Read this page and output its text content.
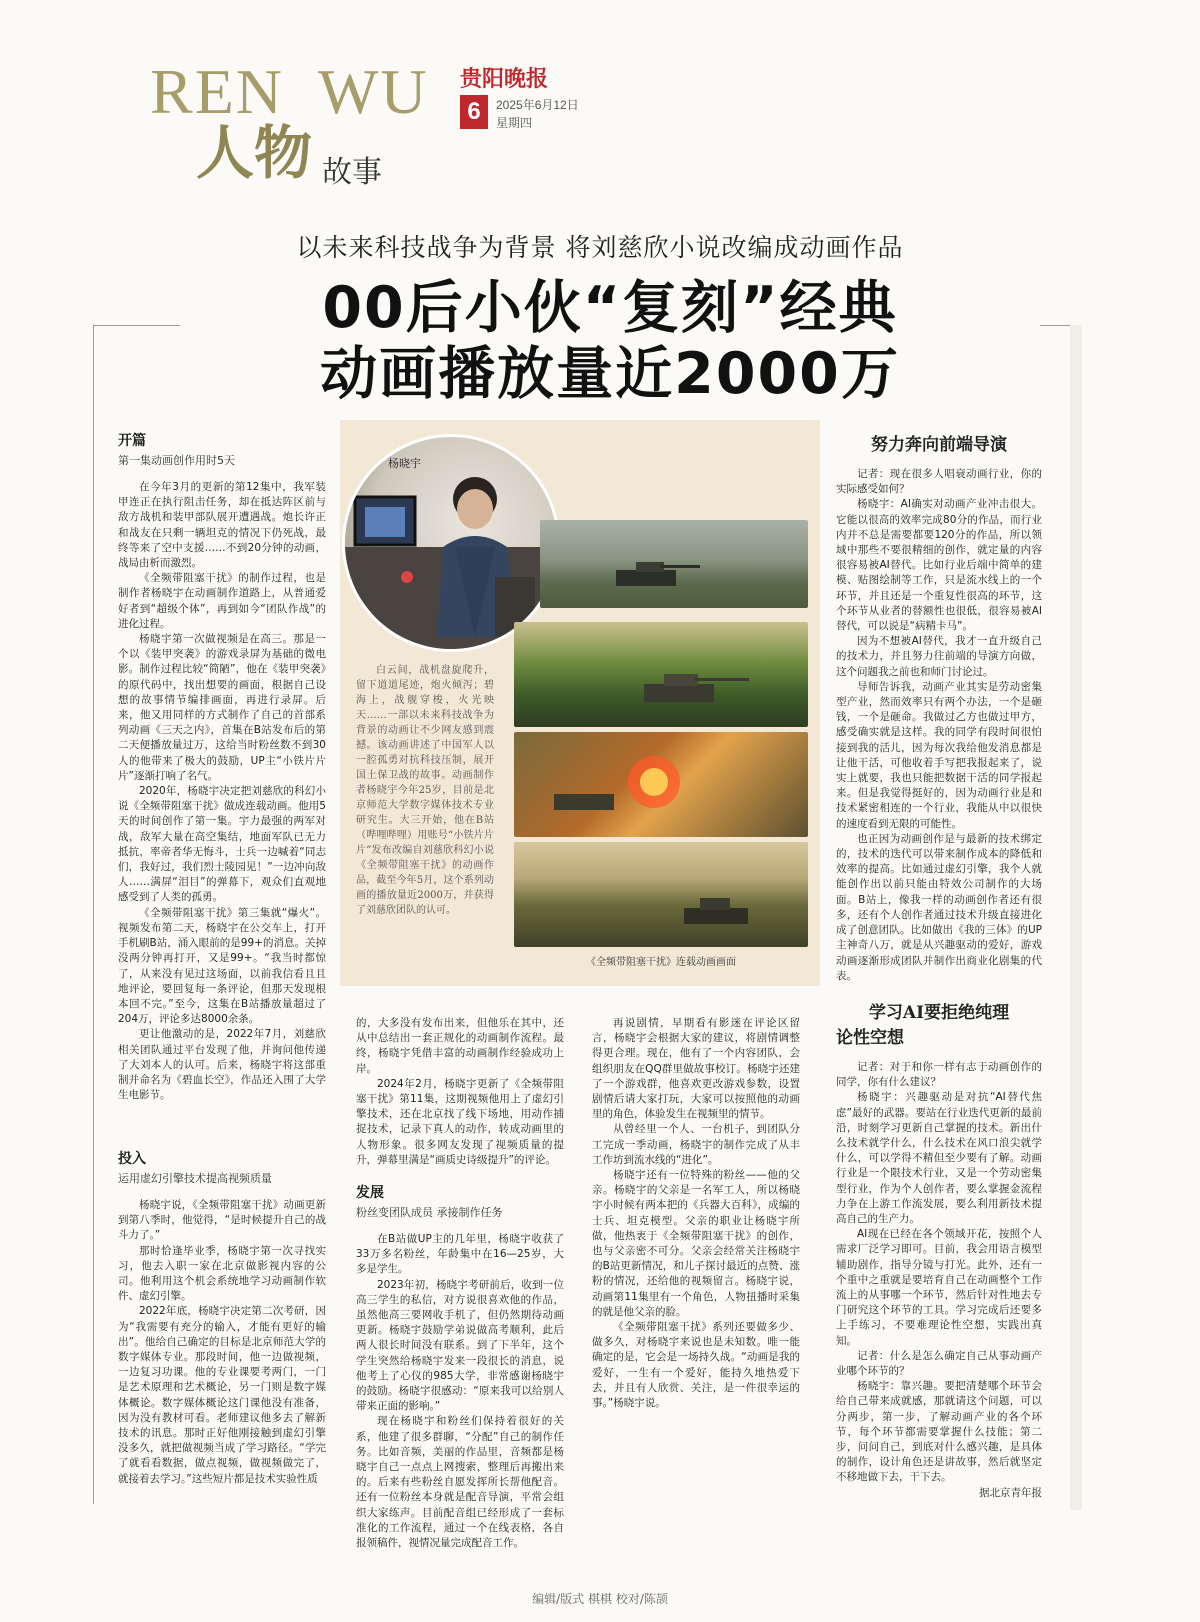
REN WU
人物 故事
贵阳晚报
6	2025年6月12日
星期四
以未来科技战争为背景 将刘慈欣小说改编成动画作品
00后小伙“复刻”经典
动画播放量近2000万
开篇
第一集动画创作用时5天

在今年3月的更新的第12集中，我军装甲连正在执行阻击任务，却在抵达阵区前与敌方战机和装甲部队展开遭遇战。炮长许正和战友在只剩一辆坦克的情况下仍死战，最终等来了空中支援……不到20分钟的动画，战局由析而激烈。

《全频带阻塞干扰》的制作过程，也是制作者杨晓宇在动画制作道路上，从普通爱好者到“超级个体”，再到如今“团队作战”的进化过程。

杨晓宇第一次做视频是在高三。那是一个以《装甲突袭》的游戏录屏为基础的微电影。制作过程比较“简陋”，他在《装甲突袭》的原代码中，找出想要的画面，根据自己设想的故事情节编排画面，再进行录屏。后来，他又用同样的方式制作了自己的首部系列动画《三天之内》，首集在B站发布后的第二天便播放量过万，这给当时粉丝数不到30人的他带来了极大的鼓励，UP主“小铁片片片”逐渐打响了名气。

2020年，杨晓宇决定把刘慈欣的科幻小说《全频带阻塞干扰》做成连载动画。他用5天的时间创作了第一集。宇力最强的两军对战，敌军大量在高空集结，地面军队已无力抵抗，率帝者华无悔斗，士兵一边喊着“同志们，我好过，我们烈士陵园见！”一边冲向敌人……满屏“泪目”的弹幕下，观众们直观地感受到了人类的孤勇。

《全频带阻塞干扰》第三集就“爆火”。视频发布第二天，杨晓宇在公交车上，打开手机刷B站，涌入眼前的是99+的消息。关掉没两分钟再打开，又是99+。“我当时都惊了，从来没有见过这场面，以前我信看且且地评论，要回复每一条评论，但那天发现根本回不完。”至今，这集在B站播放量超过了204万，评论多达8000余条。

更让他激动的是，2022年7月，刘慈欣相关团队通过平台发现了他，并询问他传递了大刘本人的认可。后来，杨晓宇将这部重制并命名为《碧血长空》，作品还入围了大学生电影节。

投入
运用虚幻引擎技术提高视频质量

杨晓宇说，《全频带阻塞干扰》动画更新到第八季时，他觉得，“是时候提升自己的战斗力了。”

那时恰逢毕业季，杨晓宇第一次寻找实习，他去入职一家在北京做影视内容的公司。他利用这个机会系统地学习动画制作软件、虚幻引擎。

2022年底，杨晓宇决定第二次考研，因为“我需要有充分的输入，才能有更好的输出”。他给自己确定的目标是北京师范大学的数字媒体专业。那段时间，他一边做视频，一边复习功课。他的专业课要考两门，一门是艺术原理和艺术概论，另一门则是数字媒体概论。数字媒体概论这门课他没有准备，因为没有教材可看。老师建议他多去了解新技术的讯息。那时正好他刚接触到虚幻引擎没多久，就把做视频当成了学习路径。“学完了就看看数据，做点视频，做视频做完了，就接着去学习。”这些短片都是技术实验性质

杨晓宇

白云间，战机盘旋爬升，留下道道尾迹，炮火倾泻；碧海上，战舰穿梭，火光映天……一部以未来科技战争为背景的动画让不少网友感到震撼。该动画讲述了中国军人以一腔孤勇对抗科技压制，展开国土保卫战的故事。动画制作者杨晓宇今年25岁，目前是北京师范大学数字媒体技术专业研究生。大三开始，他在B站（哔哩哔哩）用账号“小铁片片片”发布改编自刘慈欣科幻小说《全频带阻塞干扰》的动画作品，截至今年5月，这个系列动画的播放量近2000万，并获得了刘慈欣团队的认可。

《全频带阻塞干扰》连载动画画面

的，大多没有发布出来，但他乐在其中，还从中总结出一套正规化的动画制作流程。最终，杨晓宇凭借丰富的动画制作经验成功上岸。

2024年2月，杨晓宇更新了《全频带阻塞干扰》第11集，这期视频他用上了虚幻引擎技术，还在北京找了线下场地，用动作捕捉技术，记录下真人的动作，转成动画里的人物形象。很多网友发现了视频质量的提升，弹幕里满是“画质史诗级提升”的评论。

发展
粉丝变团队成员 承接制作任务

在B站做UP主的几年里，杨晓宇收获了33万多名粉丝，年龄集中在16—25岁，大多是学生。

2023年初，杨晓宇考研前后，收到一位高三学生的私信，对方说很喜欢他的作品，虽然他高三要网收手机了，但仍然期待动画更新。杨晓宇鼓励学弟说做高考顺利，此后两人很长时间没有联系。到了下半年，这个学生突然给杨晓宇发来一段很长的消息，说他考上了心仪的985大学，非常感谢杨晓宇的鼓励。杨晓宇很感动：“原来我可以给别人带来正面的影响。”

现在杨晓宇和粉丝们保持着很好的关系，他建了很多群聊，“分配”自己的制作任务。比如音频，美丽的作品里，音频都是杨晓宇自己一点点上网搜索，整理后再搬出来的。后来有些粉丝自愿发挥所长帮他配音。还有一位粉丝本身就是配音导演，平常会组织大家练声。目前配音组已经形成了一套标准化的工作流程，通过一个在线表格，各自报领稿件，视情况量完成配音工作。

再说剧情，早期看有影迷在评论区留言，杨晓宇会根据大家的建议，将剧情调整得更合理。现在，他有了一个内容团队，会组织朋友在QQ群里做故事校订。杨晓宇还建了一个游戏群，他喜欢更改游戏参数，设置剧情后请大家打玩，大家可以按照他的动画里的角色，体验发生在视频里的情节。

从曾经里一个人、一台机子，到团队分工完成一季动画，杨晓宇的制作完成了从丰工作坊到流水线的“进化”。

杨晓宇还有一位特殊的粉丝——他的父亲。杨晓宇的父亲是一名军工人，所以杨晓宇小时候有两本把的《兵器大百科》，成编的士兵、坦克模型。父亲的职业让杨晓宇所做，他热衷于《全频带阻塞干扰》的创作，也与父亲密不可分。父亲会经常关注杨晓宇的B站更新情况，和儿子探讨最近的点赞、涨粉的情况，还给他的视频留言。杨晓宇说，动画第11集里有一个角色，人物扭播时采集的就是他父亲的脸。

《全频带阻塞干扰》系列还要做多少、做多久，对杨晓宇来说也是未知数。唯一能确定的是，它会是一场持久战。“动画是我的爱好，一生有一个爱好，能持久地热爱下去，并且有人欣赏、关注，是一件很幸运的事。”杨晓宇说。

努力奔向前端导演

记者：现在很多人唱衰动画行业，你的实际感受如何？

杨晓宇：AI确实对动画产业冲击很大。它能以很高的效率完成80分的作品，而行业内并不总是需要都要120分的作品，所以领域中那些不要很精细的创作，就定量的内容很容易被AI替代。比如行业后端中简单的建模、贴图绘制等工作，只是流水线上的一个环节，并且还是一个重复性很高的环节，这个环节从业者的替额性也很低，很容易被AI替代，可以说是“病精卡马”。

因为不想被AI替代，我才一直升级自己的技术力，并且努力往前端的导演方向做，这个问题我之前也和师门讨论过。

导师告诉我，动画产业其实是劳动密集型产业，然而效率只有两个办法，一个是砸钱，一个是砸命。我做过乙方也做过甲方，感受确实就是这样。我的同学有段时间很怕接到我的活儿，因为每次我给他发消息都是让他干活，可他收着手写把我报起来了，说实上就要，我也只能把数据干活的同学报起来。但是我觉得挺好的，因为动画行业是和技术紧密相连的一个行业，我能从中以很快的速度看到无限的可能性。

也正因为动画创作是与最新的技术绑定的，技术的迭代可以带来制作成本的降低和效率的提高。比如通过虚幻引擎，我个人就能创作出以前只能由特效公司制作的大场面。B站上，像我一样的动画创作者还有很多，还有个人创作者通过技术升级直接进化成了创意团队。比如做出《我的三体》的UP主神奇八万，就是从兴趣驱动的爱好，游戏动画逐渐形成团队并制作出商业化剧集的代表。

学习AI要拒绝纯理
论性空想

记者：对于和你一样有志于动画创作的同学，你有什么建议？

杨晓宇：兴趣驱动是对抗“AI替代焦虑”最好的武器。要站在行业迭代更新的最前沿，时刻学习更新自己掌握的技术。新出什么技术就学什么，什么技术在风口浪尖就学什么，可以学得不精但至少要有了解。动画行业是一个限技术行业，又是一个劳动密集型行业，作为个人创作者，要么掌握金流程力争在上游工作流发展，要么利用新技术提高自己的生产力。

AI现在已经在各个领域开花，按照个人需求厂泛学习即可。目前，我会用语言模型辅助剧作，指导分镜与打光。此外，还有一个重中之重就是要培育自己在动画整个工作流上的从事哪一个环节，然后针对性地去专门研究这个环节的工具。学习完成后还要多上手练习，不要难理论性空想，实践出真知。

记者：什么是怎么确定自己从事动画产业哪个环节的？

杨晓宇：靠兴趣。要把清楚哪个环节会给自己带来成就感，那就请这个问题，可以分两步，第一步，了解动画产业的各个环节，每个环节都需要掌握什么技能；第二步，问问自己，到底对什么感兴趣，是具体的制作，设计角色还是讲故事，然后就坚定不移地做下去，干下去。

据北京青年报
编辑/版式 棋棋 校对/陈颉
